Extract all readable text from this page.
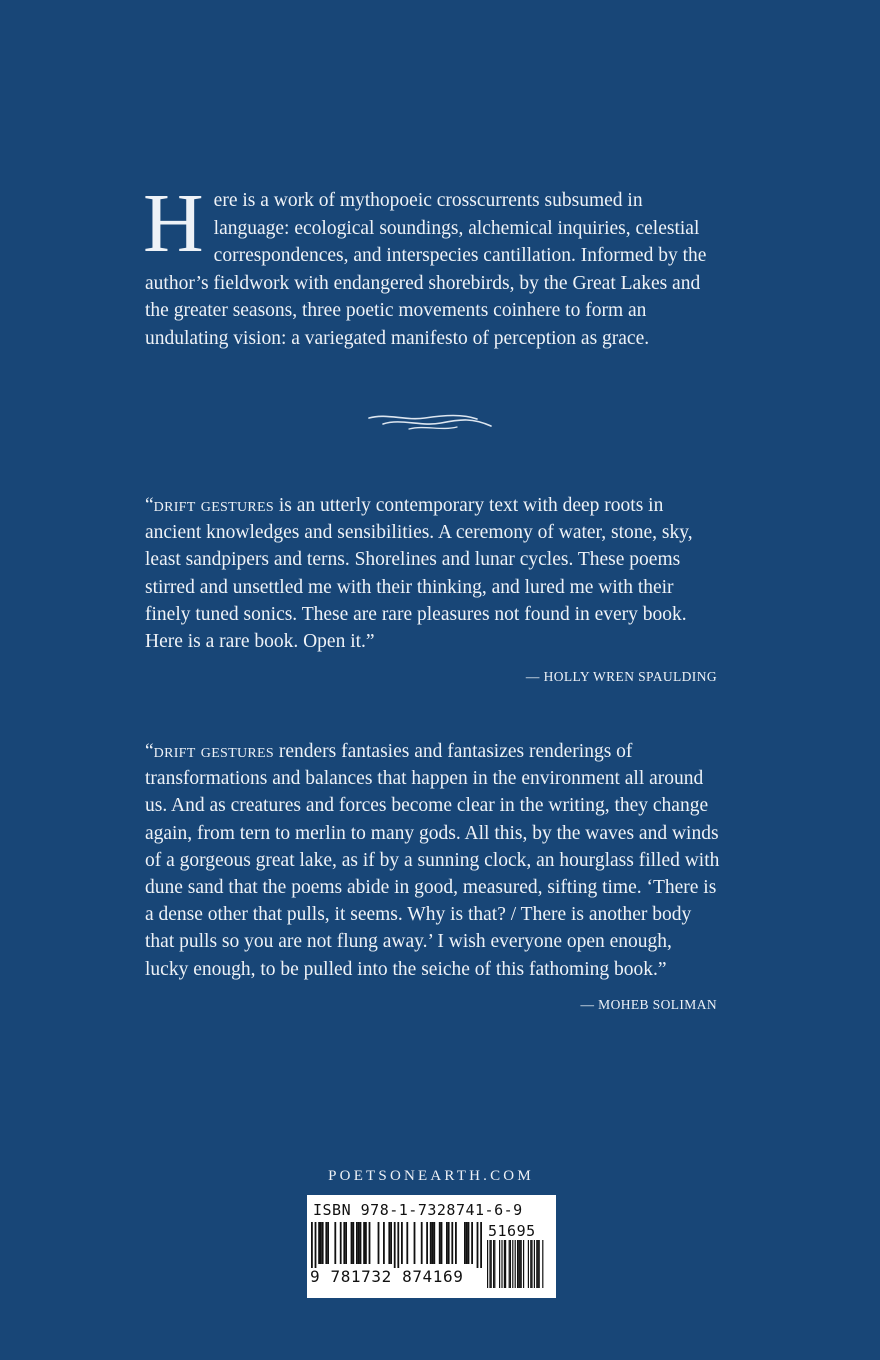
H ere is a work of mythopoeic crosscurrents subsumed in language: ecological soundings, alchemical inquiries, celestial correspondences, and interspecies cantillation. Informed by the author’s fieldwork with endangered shorebirds, by the Great Lakes and the greater seasons, three poetic movements coinhere to form an undulating vision: a variegated manifesto of perception as grace.

“drift gestures is an utterly contemporary text with deep roots in ancient knowledges and sensibilities. A ceremony of water, stone, sky, least sandpipers and terns. Shorelines and lunar cycles. These poems stirred and unsettled me with their thinking, and lured me with their finely tuned sonics. These are rare pleasures not found in every book. Here is a rare book. Open it.”

— HOLLY WREN SPAULDING

“drift gestures renders fantasies and fantasizes renderings of transformations and balances that happen in the environment all around us. And as creatures and forces become clear in the writing, they change again, from tern to merlin to many gods. All this, by the waves and winds of a gorgeous great lake, as if by a sunning clock, an hourglass filled with dune sand that the poems abide in good, measured, sifting time. ‘There is a dense other that pulls, it seems. Why is that? / There is another body that pulls so you are not flung away.’ I wish everyone open enough, lucky enough, to be pulled into the seiche of this fathoming book.”

— MOHEB SOLIMAN
POETSONEARTH.COM
ISBN 978-1-7328741-6-9
9 781732 874169
51695
